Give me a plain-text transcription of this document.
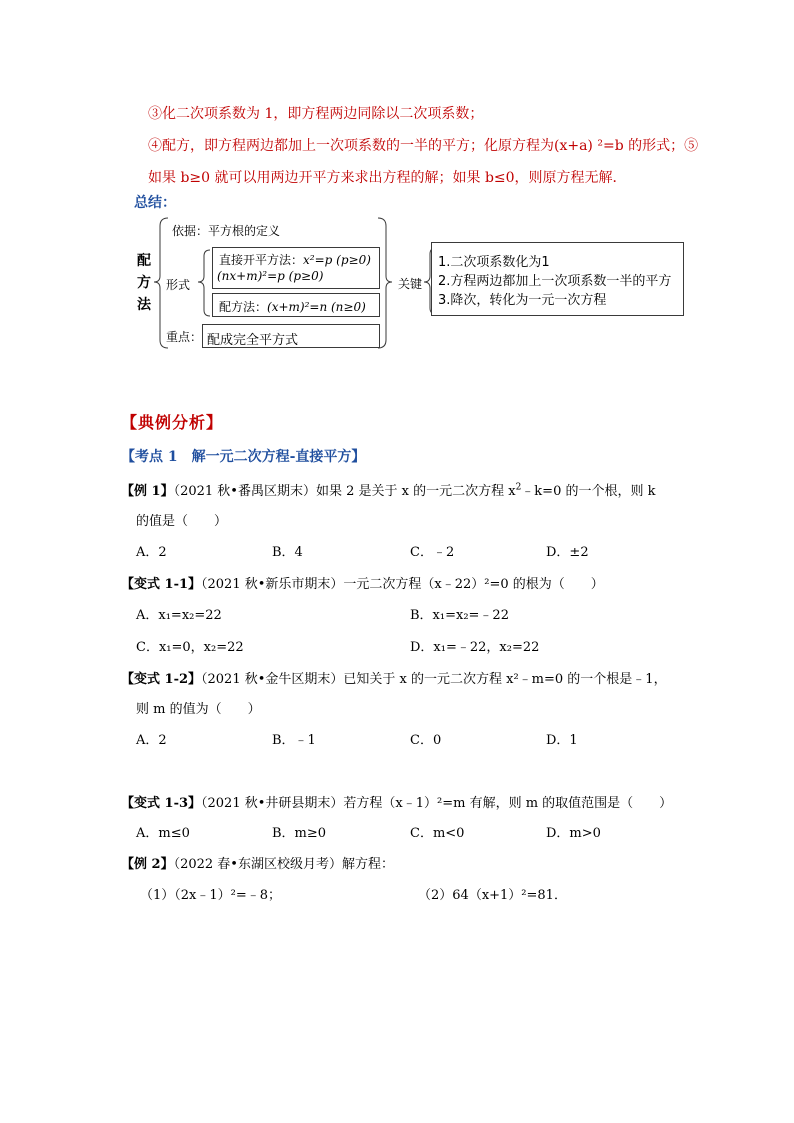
③化二次项系数为 1，即方程两边同除以二次项系数；
④配方，即方程两边都加上一次项系数的一半的平方；化原方程为(x+a) ²=b 的形式；⑤
如果 b≥0 就可以用两边开平方来求出方程的解；如果 b≤0，则原方程无解．
总结：
配
方
法
依据：平方根的定义
形式
直接开平方法：x²=p (p≥0)
(nx+m)²=p (p≥0)
配方法：(x+m)²=n (n≥0)
重点： 配成完全平方式
关键
1.二次项系数化为1
2.方程两边都加上一次项系数一半的平方
3.降次，转化为一元一次方程
【典例分析】
【考点 1　解一元二次方程-直接平方】
【例 1】（2021 秋•番禺区期末）如果 2 是关于 x 的一元二次方程 $x^2﹣k=0$ 的一个根，则 k
的值是（　　）
A．2	B．4	C．﹣2	D．±2
【变式 1-1】（2021 秋•新乐市期末）一元二次方程（x﹣22）²=0 的根为（　　）
A．x₁=x₂=22	B．x₁=x₂=﹣22
C．x₁=0，x₂=22	D．x₁=﹣22，x₂=22
【变式 1-2】（2021 秋•金牛区期末）已知关于 x 的一元二次方程 x²﹣m=0 的一个根是﹣1，
则 m 的值为（　　）
A．2	B．﹣1	C．0	D．1
【变式 1-3】（2021 秋•井研县期末）若方程（x﹣1）²=m 有解，则 m 的取值范围是（　　）
A．m≤0	B．m≥0	C．m<0	D．m>0
【例 2】（2022 春•东湖区校级月考）解方程：
（1）（2x﹣1）²=﹣8；	（2）64（x+1）²=81．
